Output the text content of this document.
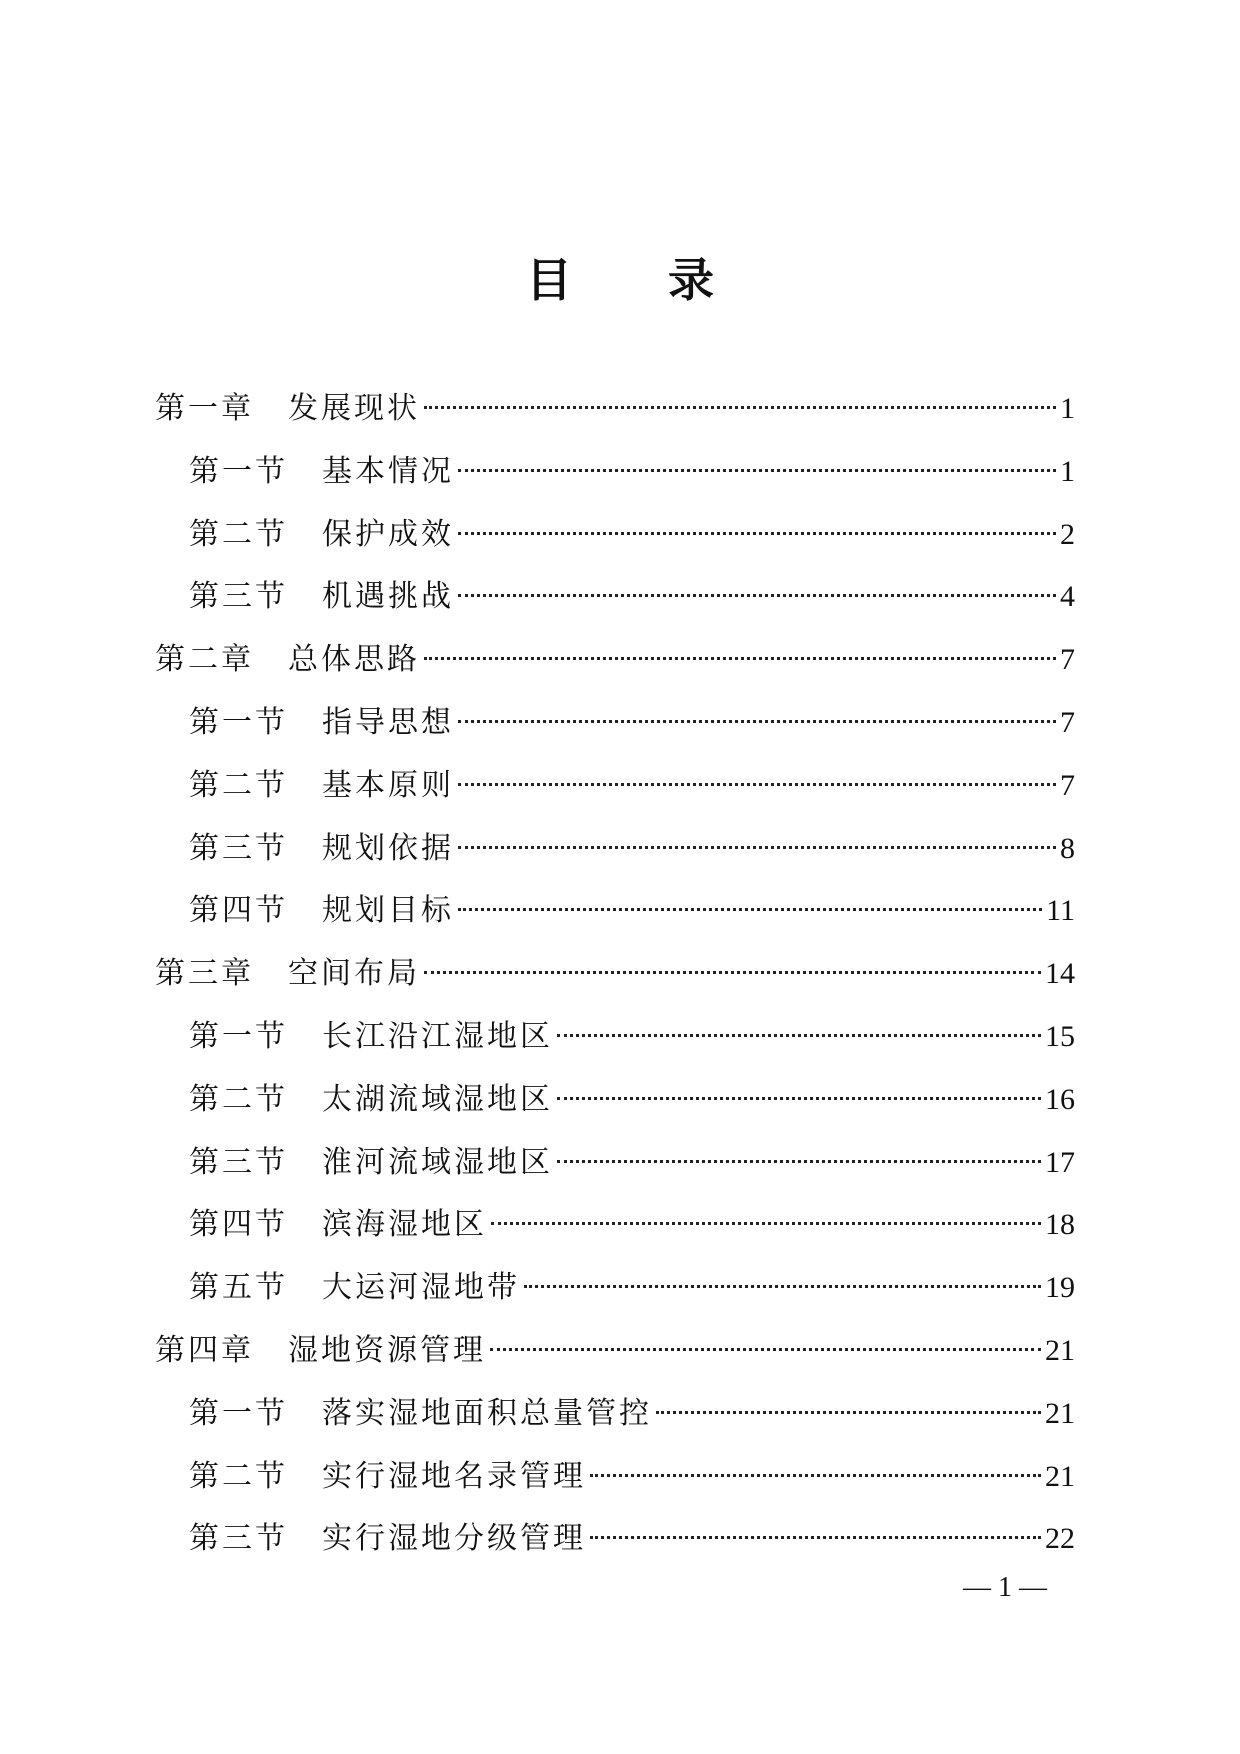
目 录
第一章 发展现状	1
第一节 基本情况	1
第二节 保护成效	2
第三节 机遇挑战	4
第二章 总体思路	7
第一节 指导思想	7
第二节 基本原则	7
第三节 规划依据	8
第四节 规划目标	11
第三章 空间布局	14
第一节 长江沿江湿地区	15
第二节 太湖流域湿地区	16
第三节 淮河流域湿地区	17
第四节 滨海湿地区	18
第五节 大运河湿地带	19
第四章 湿地资源管理	21
第一节 落实湿地面积总量管控	21
第二节 实行湿地名录管理	21
第三节 实行湿地分级管理	22
— 1 —
